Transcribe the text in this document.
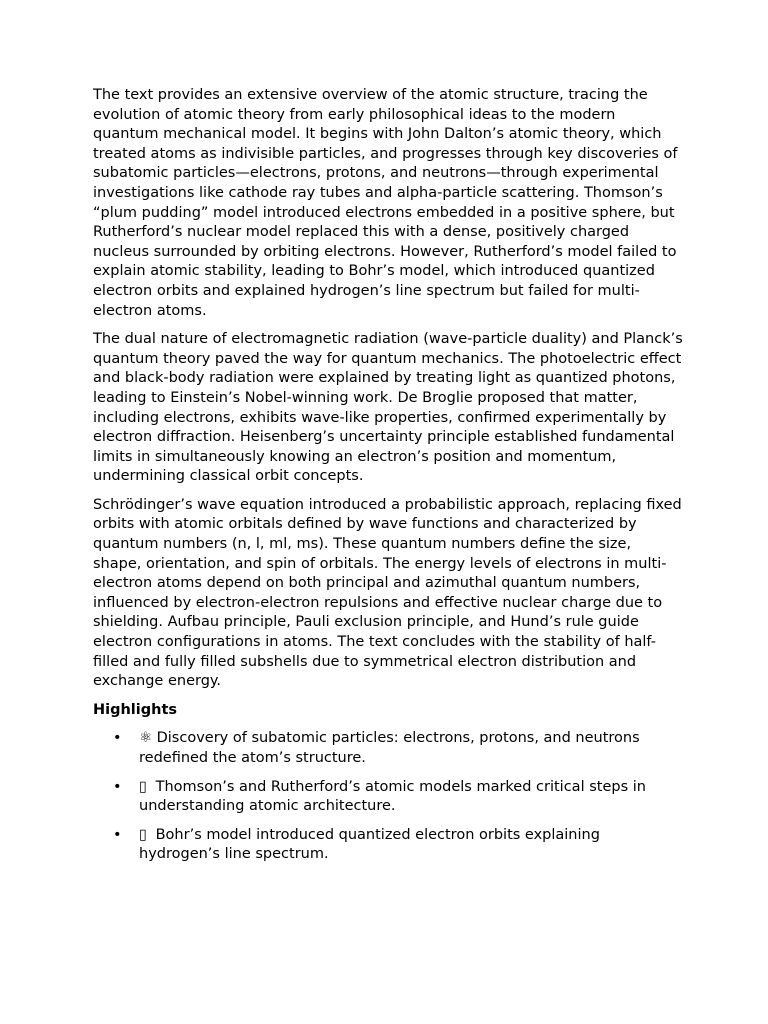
The text provides an extensive overview of the atomic structure, tracing the evolution of atomic theory from early philosophical ideas to the modern quantum mechanical model. It begins with John Dalton’s atomic theory, which treated atoms as indivisible particles, and progresses through key discoveries of subatomic particles—electrons, protons, and neutrons—through experimental investigations like cathode ray tubes and alpha-particle scattering. Thomson’s “plum pudding” model introduced electrons embedded in a positive sphere, but Rutherford’s nuclear model replaced this with a dense, positively charged nucleus surrounded by orbiting electrons. However, Rutherford’s model failed to explain atomic stability, leading to Bohr’s model, which introduced quantized electron orbits and explained hydrogen’s line spectrum but failed for multi-electron atoms.

The dual nature of electromagnetic radiation (wave-particle duality) and Planck’s quantum theory paved the way for quantum mechanics. The photoelectric effect and black-body radiation were explained by treating light as quantized photons, leading to Einstein’s Nobel-winning work. De Broglie proposed that matter, including electrons, exhibits wave-like properties, confirmed experimentally by electron diffraction. Heisenberg’s uncertainty principle established fundamental limits in simultaneously knowing an electron’s position and momentum, undermining classical orbit concepts.

Schrödinger’s wave equation introduced a probabilistic approach, replacing fixed orbits with atomic orbitals defined by wave functions and characterized by quantum numbers (n, l, ml, ms). These quantum numbers define the size, shape, orientation, and spin of orbitals. The energy levels of electrons in multi-electron atoms depend on both principal and azimuthal quantum numbers, influenced by electron-electron repulsions and effective nuclear charge due to shielding. Aufbau principle, Pauli exclusion principle, and Hund’s rule guide electron configurations in atoms. The text concludes with the stability of half-filled and fully filled subshells due to symmetrical electron distribution and exchange energy.

Highlights
• ⚛ Discovery of subatomic particles: electrons, protons, and neutrons redefined the atom’s structure.
• ▯ Thomson’s and Rutherford’s atomic models marked critical steps in understanding atomic architecture.
• ▯ Bohr’s model introduced quantized electron orbits explaining hydrogen’s line spectrum.
